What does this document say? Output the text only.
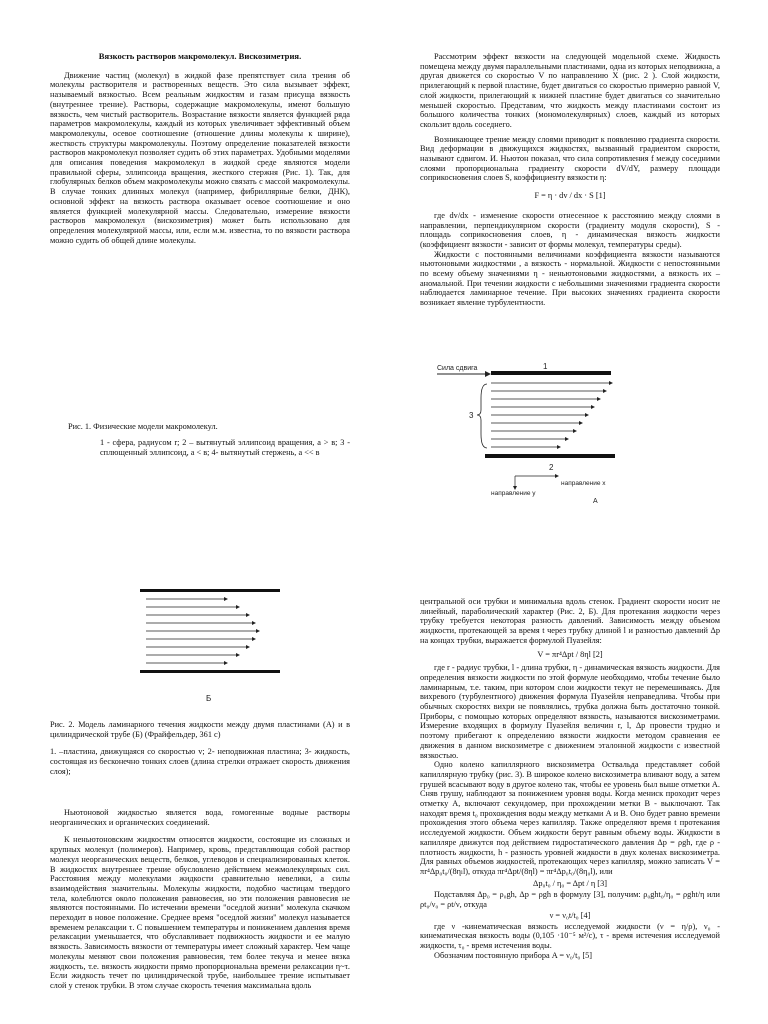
Вязкость растворов макромолекул. Вискозиметрия.

Движение частиц (молекул) в жидкой фазе препятствует сила трения об молекулы растворителя и растворенных веществ. Это сила вызывает эффект, называемый вязкостью. Всем реальным жидкостям и газам присуща вязкость (внутреннее трение). Растворы, содержащие макромолекулы, имеют большую вязкость, чем чистый растворитель. Возрастание вязкости является функцией ряда параметров макромолекулы, каждый из которых увеличивает эффективный объем макромолекулы, осевое соотношение (отношение длины молекулы к ширине), жесткость структуры макромолекулы. Поэтому определение показателей вязкости растворов макромолекул позволяет судить об этих параметрах. Удобными моделями для описания поведения макромолекул в жидкой среде являются модели правильной сферы, эллипсоида вращения, жесткого стержня (Рис. 1). Так, для глобулярных белков объем макромолекулы можно связать с массой макромолекулы. В случае тонких длинных молекул (например, фибриллярные белки, ДНК), основной эффект на вязкость раствора оказывает осевое соотношение и оно является функцией молекулярной массы. Следовательно, измерение вязкости растворов макромолекул (вискозиметрия) может быть использовано для определения молекулярной массы, или, если м.м. известна, то по вязкости раствора можно судить об общей длине молекулы.

Рис. 1. Физические модели макромолекул.
1 - сфера, радиусом r; 2 – вытянутый эллипсоид вращения, a > в; 3 - сплющенный эллипсоид, a < в; 4- вытянутый стержень, a << в

Рассмотрим эффект вязкости на следующей модельной схеме. Жидкость помещена между двумя параллельными пластинами, одна из которых неподвижна, а другая движется со скоростью V по направлению X (рис. 2 ). Слой жидкости, прилегающий к первой пластине, будет двигаться со скоростью примерно равной V, слой жидкости, прилегающий к нижней пластине будет двигаться со значительно меньшей скоростью. Представим, что жидкость между пластинами состоит из большого количества тонких (мономолекулярных) слоев, каждый из которых скользит вдоль соседнего.

Возникающее трение между слоями приводит к появлению градиента скорости. Вид деформации в движущихся жидкостях, вызванный градиентом скорости, называют сдвигом. И. Ньютон показал, что сила сопротивления f между соседними слоями пропорциональна градиенту скорости dV/dY, размеру площади соприкосновения слоев S, коэффициенту вязкости η:

F = η · dv / dx · S [1]

где dv/dx - изменение скорости отнесенное к расстоянию между слоями в направлении, перпендикулярном скорости (градиенту модуля скорости), S - площадь соприкосновения слоев, η - динамическая вязкость жидкости (коэффициент вязкости - зависит от формы молекул, температуры среды).

Жидкости с постоянными величинами коэффициента вязкости называются ньютоновыми жидкостями , а вязкость - нормальной. Жидкости с непостоянными по всему объему значениями η - неньютоновыми жидкостями, а вязкость их – аномальной. При течении жидкости с небольшими значениями градиента скорости наблюдается ламинарное течение. При высоких значениях градиента скорости возникает явление турбулентности.

Сила сдвига	1
3
2
направление x
направление y
А
Б
Рис. 2. Модель ламинарного течения жидкости между двумя пластинами (А) и в цилиндрической трубе (Б) (Фрайфельдер, 361 с)
1. –пластина, движущаяся со скоростью v; 2- неподвижная пластина; 3- жидкость, состоящая из бесконечно тонких слоев (длина стрелки отражает скорость движения слоя);

Ньютоновой жидкостью является вода, гомогенные водные растворы неорганических и органических соединений.

К неньютоновским жидкостям относятся жидкости, состоящие из сложных и крупных молекул (полимеров). Например, кровь, представляющая собой раствор молекул неорганических веществ, белков, углеводов и специализированных клеток. В жидкостях внутреннее трение обусловлено действием межмолекулярных сил. Расстояния между молекулами жидкости сравнительно невелики, а силы взаимодействия значительны. Молекулы жидкости, подобно частицам твердого тела, колеблются около положения равновесия, но эти положения равновесия не являются постоянными. По истечении времени "оседлой жизни" молекула скачком переходит в новое положение. Среднее время "оседлой жизни" молекул называется временем релаксации τ. С повышением температуры и понижением давления время релаксации уменьшается, что обуславливает подвижность жидкости и ее малую вязкость. Зависимость вязкости от температуры имеет сложный характер. Чем чаще молекулы меняют свои положения равновесия, тем более текуча и менее вязка жидкость, т.е. вязкость жидкости прямо пропорциональна времени релаксации η~τ. Если жидкость течет по цилиндрической трубе, наибольшее трение испытывает слой у стенок трубки. В этом случае скорость течения максимальна вдоль

центральной оси трубки и минимальна вдоль стенок. Градиент скорости носит не линейный, параболический характер (Рис. 2, Б). Для протекания жидкости через трубку требуется некоторая разность давлений. Зависимость между объемом жидкости, протекающей за время t через трубку длиной l и разностью давлений Δp на концах трубки, выражается формулой Пуазейля:

V = πr⁴Δpt / 8ηl [2]

где r - радиус трубки, l - длина трубки, η - динамическая вязкость жидкости. Для определения вязкости жидкости по этой формуле необходимо, чтобы течение было ламинарным, т.е. таким, при котором слои жидкости текут не перемешиваясь. Для вихревого (турбулентного) движения формула Пуазейля неправедлива. Чтобы при обычных скоростях вихри не появлялись, трубка должна быть достаточно тонкой. Приборы, с помощью которых определяют вязкость, называются вискозиметрами. Измерение входящих в формулу Пуазейля величин r, l, Δp провести трудно и поэтому прибегают к определению вязкости жидкости методом сравнения ее движения в данном вискозиметре с движением эталонной жидкости с известной вязкостью.

Одно колено капиллярного вискозиметра Оствальда представляет собой капиллярную трубку (рис. 3). В широкое колено вискозиметра вливают воду, а затем грушей всасывают воду в другое колено так, чтобы ее уровень был выше отметки А. Сняв грушу, наблюдают за понижением уровня воды. Когда мениск проходит через отметку А, включают секундомер, при прохождении метки В - выключают. Так находят время t₀ прохождения воды между метками А и В. Оно будет равно времени прохождения этого объема через капилляр. Также определяют время t протекания исследуемой жидкости. Объем жидкости берут равным объему воды. Жидкости в капилляре движутся под действием гидростатического давления Δp = ρgh, где ρ - плотность жидкости, h - разность уровней жидкости в двух коленах вискозиметра. Для равных объемов жидкостей, протекающих через капилляр, можно записать V = πr⁴Δp₀t₀/(8ηₗl), откуда πr⁴Δpt/(8ηl) = πr⁴Δp₀t₀/(8η₀l), или

Δp₀t₀ / η₀ = Δpt / η [3]

Подставляя Δp₀ = ρ₀gh, Δp = ρgh в формулу [3], получим: ρ₀ght₀/η₀ = ρght/η или ρt₀/ν₀ = ρt/ν, откуда

ν = ν₀t/t₀ [4]

где ν -кинематическая вязкость исследуемой жидкости (ν = η/ρ), ν₀ - кинематическая вязкость воды (0,105 ·10⁻⁵ м²/с), τ - время истечения исследуемой жидкости, τ₀ - время истечения воды.

Обозначим постоянную прибора A = ν₀/t₀ [5]
